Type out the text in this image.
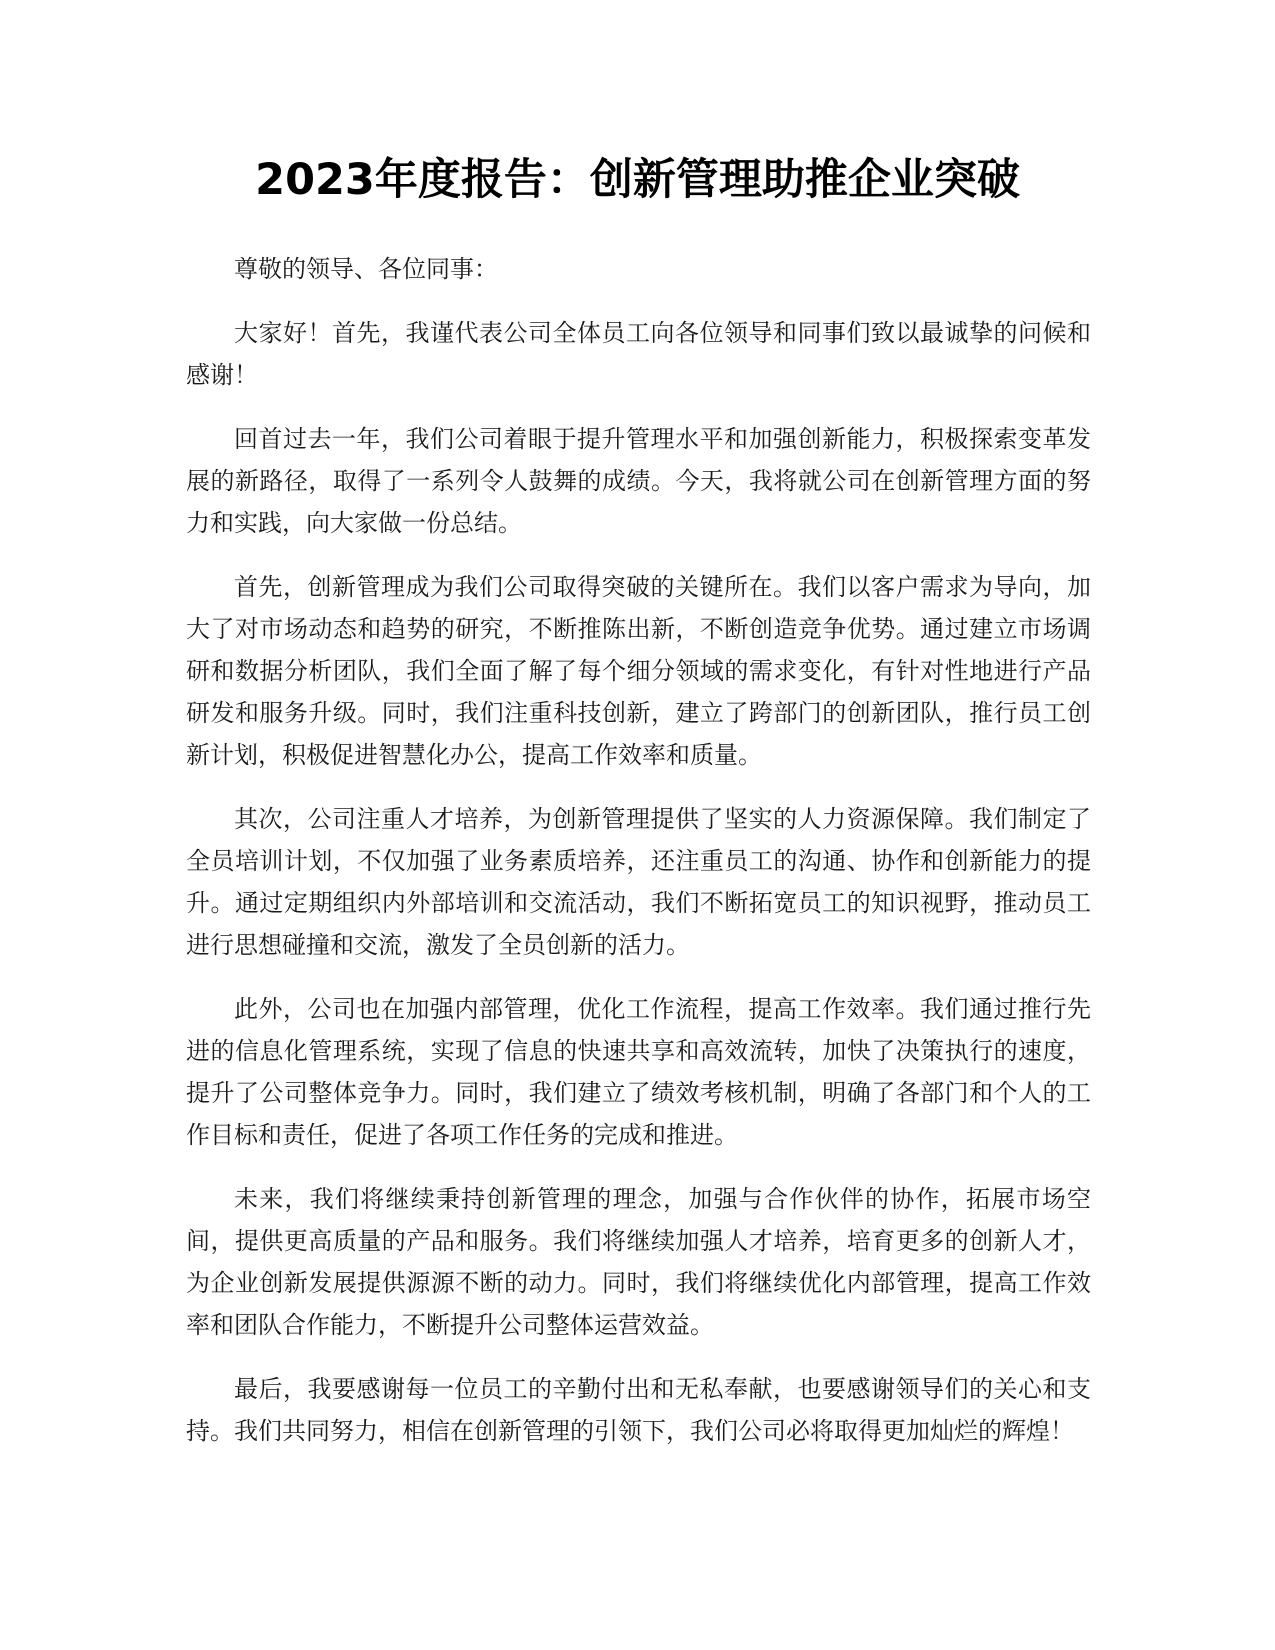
2023年度报告：创新管理助推企业突破

尊敬的领导、各位同事：

大家好！首先，我谨代表公司全体员工向各位领导和同事们致以最诚挚的问候和感谢！

回首过去一年，我们公司着眼于提升管理水平和加强创新能力，积极探索变革发展的新路径，取得了一系列令人鼓舞的成绩。今天，我将就公司在创新管理方面的努力和实践，向大家做一份总结。

首先，创新管理成为我们公司取得突破的关键所在。我们以客户需求为导向，加大了对市场动态和趋势的研究，不断推陈出新，不断创造竞争优势。通过建立市场调研和数据分析团队，我们全面了解了每个细分领域的需求变化，有针对性地进行产品研发和服务升级。同时，我们注重科技创新，建立了跨部门的创新团队，推行员工创新计划，积极促进智慧化办公，提高工作效率和质量。

其次，公司注重人才培养，为创新管理提供了坚实的人力资源保障。我们制定了全员培训计划，不仅加强了业务素质培养，还注重员工的沟通、协作和创新能力的提升。通过定期组织内外部培训和交流活动，我们不断拓宽员工的知识视野，推动员工进行思想碰撞和交流，激发了全员创新的活力。

此外，公司也在加强内部管理，优化工作流程，提高工作效率。我们通过推行先进的信息化管理系统，实现了信息的快速共享和高效流转，加快了决策执行的速度，提升了公司整体竞争力。同时，我们建立了绩效考核机制，明确了各部门和个人的工作目标和责任，促进了各项工作任务的完成和推进。

未来，我们将继续秉持创新管理的理念，加强与合作伙伴的协作，拓展市场空间，提供更高质量的产品和服务。我们将继续加强人才培养，培育更多的创新人才，为企业创新发展提供源源不断的动力。同时，我们将继续优化内部管理，提高工作效率和团队合作能力，不断提升公司整体运营效益。

最后，我要感谢每一位员工的辛勤付出和无私奉献，也要感谢领导们的关心和支持。我们共同努力，相信在创新管理的引领下，我们公司必将取得更加灿烂的辉煌！
